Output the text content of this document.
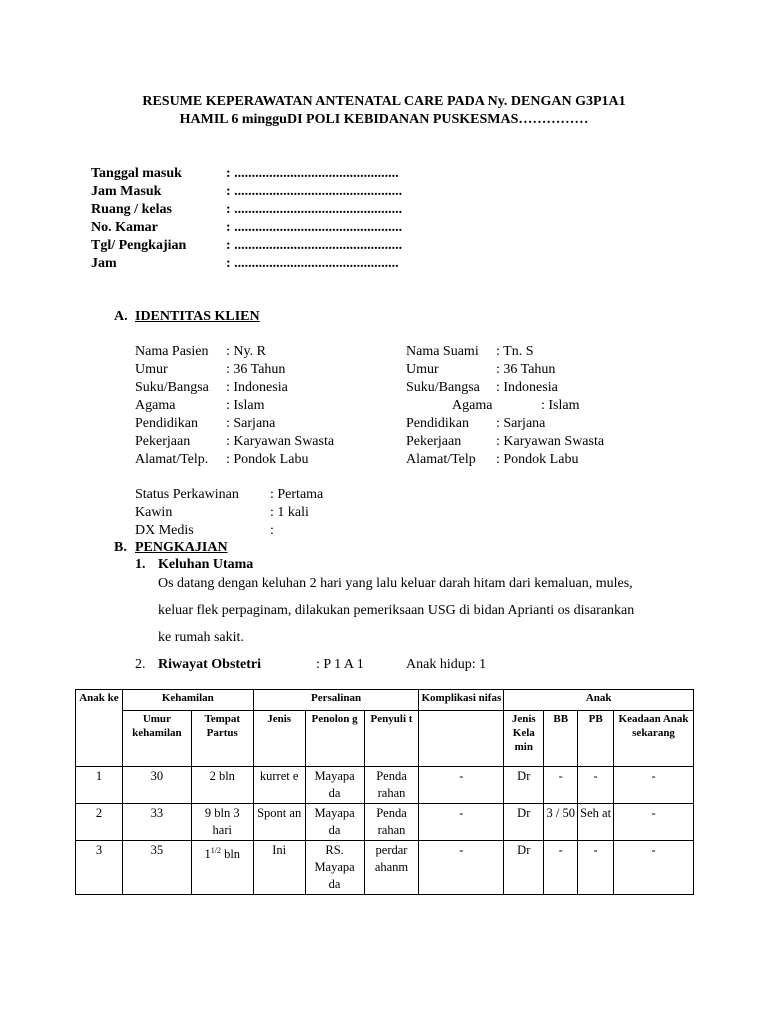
RESUME KEPERAWATAN ANTENATAL CARE PADA Ny. DENGAN G3P1A1
HAMIL 6 mingguDI POLI KEBIDANAN PUSKESMAS……………
Tanggal masuk	: ...............................................
Jam Masuk	: ................................................
Ruang / kelas	: ................................................
No. Kamar	: ................................................
Tgl/ Pengkajian	: ................................................
Jam	: ...............................................
A. IDENTITAS KLIEN
Nama Pasien : Ny. R
Umur	: 36 Tahun
Suku/Bangsa : Indonesia
Agama	: Islam
Pendidikan : Sarjana
Pekerjaan	: Karyawan Swasta
Alamat/Telp. : Pondok Labu
Nama Suami : Tn. S
Umur	: 36 Tahun
Suku/Bangsa : Indonesia
Agama	: Islam
Pendidikan : Sarjana
Pekerjaan : Karyawan Swasta
Alamat/Telp : Pondok Labu
Status Perkawinan : Pertama
Kawin	: 1 kali
DX Medis	:
B. PENGKAJIAN
1. Keluhan Utama
Os datang dengan keluhan 2 hari yang lalu keluar darah hitam dari kemaluan, mules,
keluar flek perpaginam, dilakukan pemeriksaan USG di bidan Aprianti os disarankan
ke rumah sakit.
2. Riwayat Obstetri	: P 1 A 1	Anak hidup: 1
Anak ke	Kehamilan		Persalinan			Komplikasi nifas	Anak			
	Umur kehamilan	Tempat Partus	Jenis	Penolon g	Penyuli t		Jenis Kela min	BB	PB	Keadaan Anak sekarang
1	30	2 bln	kurret e	Mayapa da	Penda rahan	-	Dr	-	-	-
2	33	9 bln 3 hari	Spont an	Mayapa da	Penda rahan	-	Dr	3 / 50	Seh at	-
3	35	$1^{1/2}$ bln	Ini	RS. Mayapa da	perdar ahanm	-	Dr	-	-	-
